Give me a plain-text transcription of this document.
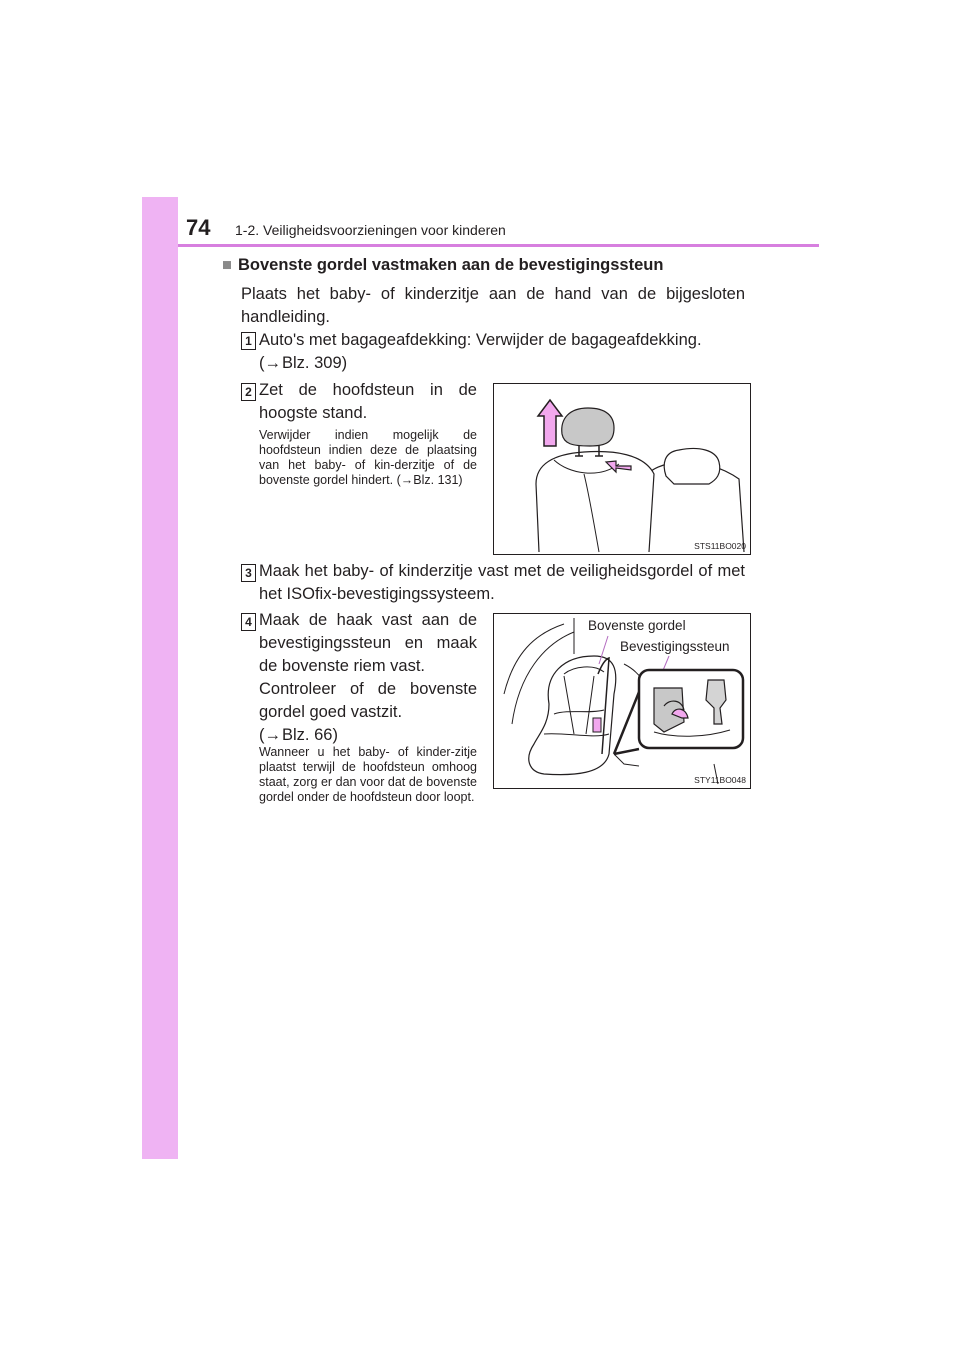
74 1-2. Veiligheidsvoorzieningen voor kinderen
■ Bovenste gordel vastmaken aan de bevestigingssteun
Plaats het baby- of kinderzitje aan de hand van de bijgesloten handleiding.
1 Auto's met bagageafdekking: Verwijder de bagageafdekking.
(→Blz. 309)
2 Zet de hoofdsteun in de hoogste stand.
Verwijder indien mogelijk de hoofdsteun indien deze de plaatsing van het baby- of kin-derzitje of de bovenste gordel hindert. (→Blz. 131)
STS11BO020
3 Maak het baby- of kinderzitje vast met de veiligheidsgordel of met het ISOfix-bevestigingssysteem.
4 Maak de haak vast aan de bevestigingssteun en maak de bovenste riem vast.
Controleer of de bovenste gordel goed vastzit.
(→Blz. 66)
Wanneer u het baby- of kinder-zitje plaatst terwijl de hoofdsteun omhoog staat, zorg er dan voor dat de bovenste gordel onder de hoofdsteun door loopt.
Bovenste gordel
Bevestigingssteun
STY11BO048
